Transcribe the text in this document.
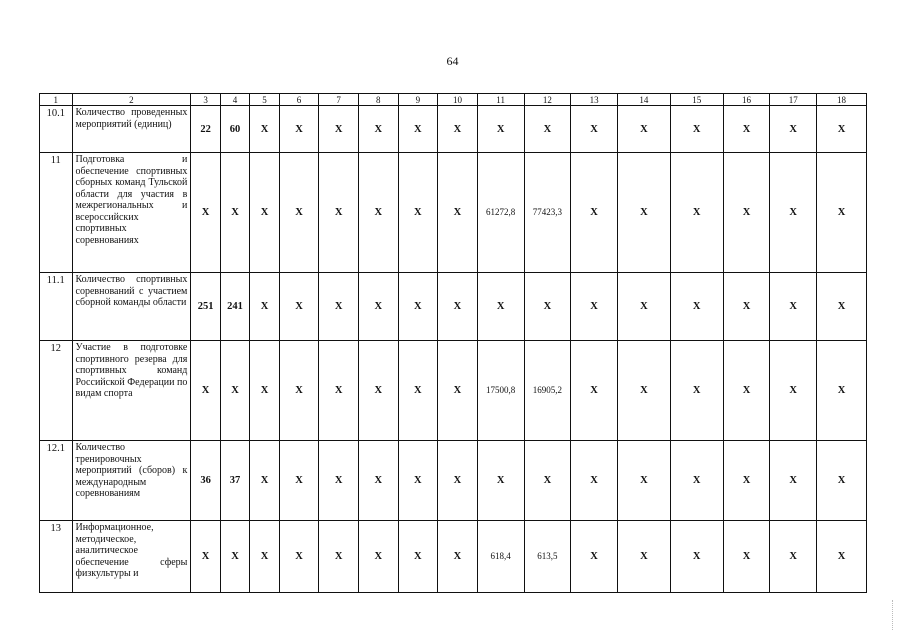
64
1	2	3	4	5	6	7	8	9	10	11	12	13	14	15	16	17	18
10.1	Количество проведенных мероприятий (единиц)	22	60	X	X	X	X	X	X	X	X	X	X	X	X	X	X
11	Подготовка и обеспечение спортивных сборных команд Тульской области для участия в межрегиональных и всероссийских спортивных соревнованиях	X	X	X	X	X	X	X	X	61272,8	77423,3	X	X	X	X	X	X
11.1	Количество спортивных соревнований с участием сборной команды области	251	241	X	X	X	X	X	X	X	X	X	X	X	X	X	X
12	Участие в подготовке спортивного резерва для спортивных команд Российской Федерации по видам спорта	X	X	X	X	X	X	X	X	17500,8	16905,2	X	X	X	X	X	X
12.1	Количество тренировочных мероприятий (сборов) к международным соревнованиям	36	37	X	X	X	X	X	X	X	X	X	X	X	X	X	X
13	Информационное, методическое, аналитическое обеспечение сферы физкультуры и	X	X	X	X	X	X	X	X	618,4	613,5	X	X	X	X	X	X
